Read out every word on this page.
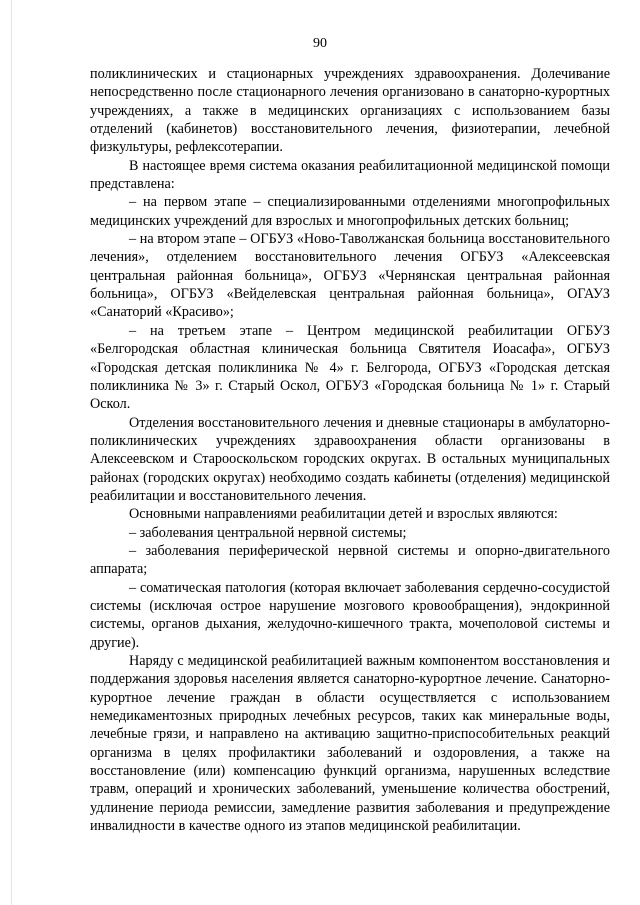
90

поликлинических и стационарных учреждениях здравоохранения. Долечивание непосредственно после стационарного лечения организовано в санаторно-курортных учреждениях, а также в медицинских организациях с использованием базы отделений (кабинетов) восстановительного лечения, физиотерапии, лечебной физкультуры, рефлексотерапии.

В настоящее время система оказания реабилитационной медицинской помощи представлена:

– на первом этапе – специализированными отделениями многопрофильных медицинских учреждений для взрослых и многопрофильных детских больниц;

– на втором этапе – ОГБУЗ «Ново-Таволжанская больница восстановительного лечения», отделением восстановительного лечения ОГБУЗ «Алексеевская центральная районная больница», ОГБУЗ «Чернянская центральная районная больница», ОГБУЗ «Вейделевская центральная районная больница», ОГАУЗ «Санаторий «Красиво»;

– на третьем этапе – Центром медицинской реабилитации ОГБУЗ «Белгородская областная клиническая больница Святителя Иоасафа», ОГБУЗ «Городская детская поликлиника № 4» г. Белгорода, ОГБУЗ «Городская детская поликлиника № 3» г. Старый Оскол, ОГБУЗ «Городская больница № 1» г. Старый Оскол.

Отделения восстановительного лечения и дневные стационары в амбулаторно-поликлинических учреждениях здравоохранения области организованы в Алексеевском и Старооскольском городских округах. В остальных муниципальных районах (городских округах) необходимо создать кабинеты (отделения) медицинской реабилитации и восстановительного лечения.

Основными направлениями реабилитации детей и взрослых являются:

– заболевания центральной нервной системы;

– заболевания периферической нервной системы и опорно-двигательного аппарата;

– соматическая патология (которая включает заболевания сердечно-сосудистой системы (исключая острое нарушение мозгового кровообращения), эндокринной системы, органов дыхания, желудочно-кишечного тракта, мочеполовой системы и другие).

Наряду с медицинской реабилитацией важным компонентом восстановления и поддержания здоровья населения является санаторно-курортное лечение. Санаторно-курортное лечение граждан в области осуществляется с использованием немедикаментозных природных лечебных ресурсов, таких как минеральные воды, лечебные грязи, и направлено на активацию защитно-приспособительных реакций организма в целях профилактики заболеваний и оздоровления, а также на восстановление (или) компенсацию функций организма, нарушенных вследствие травм, операций и хронических заболеваний, уменьшение количества обострений, удлинение периода ремиссии, замедление развития заболевания и предупреждение инвалидности в качестве одного из этапов медицинской реабилитации.
